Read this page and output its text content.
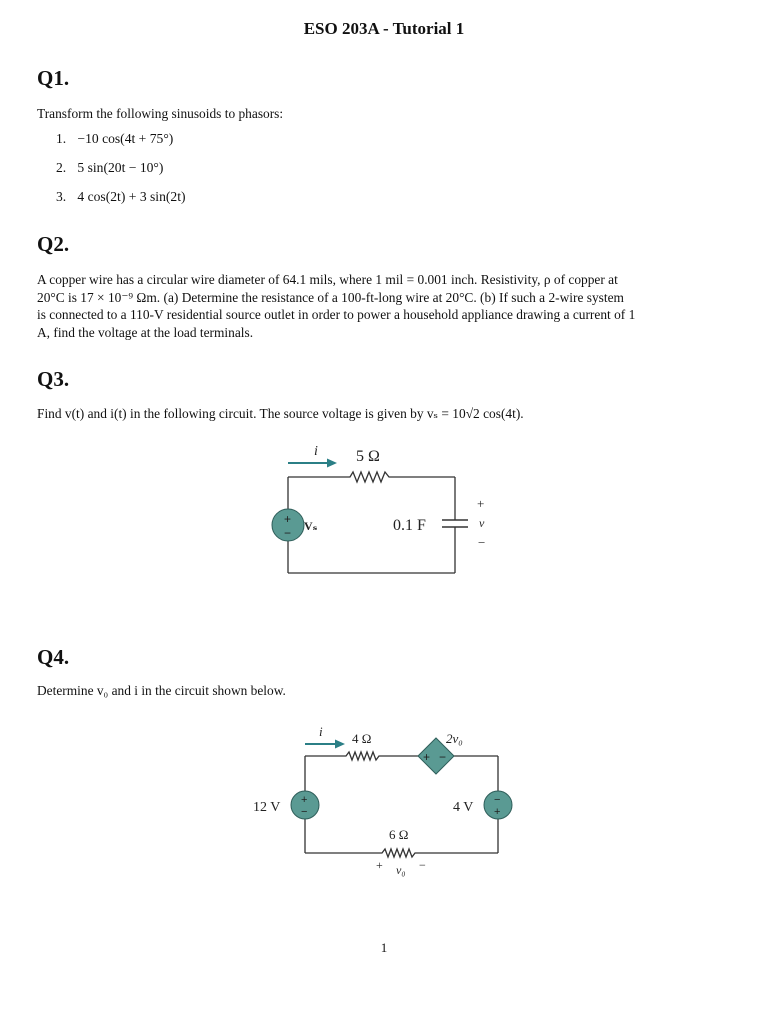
ESO 203A - Tutorial 1
Q1.
Transform the following sinusoids to phasors:
1. −10 cos(4t + 75°)
2. 5 sin(20t − 10°)
3. 4 cos(2t) + 3 sin(2t)
Q2.
A copper wire has a circular wire diameter of 64.1 mils, where 1 mil = 0.001 inch. Resistivity, ρ of copper at
20°C is 17 × 10⁻⁹ Ωm. (a) Determine the resistance of a 100-ft-long wire at 20°C. (b) If such a 2-wire system
is connected to a 110-V residential source outlet in order to power a household appliance drawing a current of 1
A, find the voltage at the load terminals.
Q3.
Find v(t) and i(t) in the following circuit. The source voltage is given by vₛ = 10√2 cos(4t).
i 5 Ω
0.1 F
+
v
−
+
− Vₛ
Q4.
Determine v₀ and i in the circuit shown below.
i 4 Ω
+ −
2v₀
6 Ω
+ v₀ −
+
−
12 V	−
+
4 V
1
